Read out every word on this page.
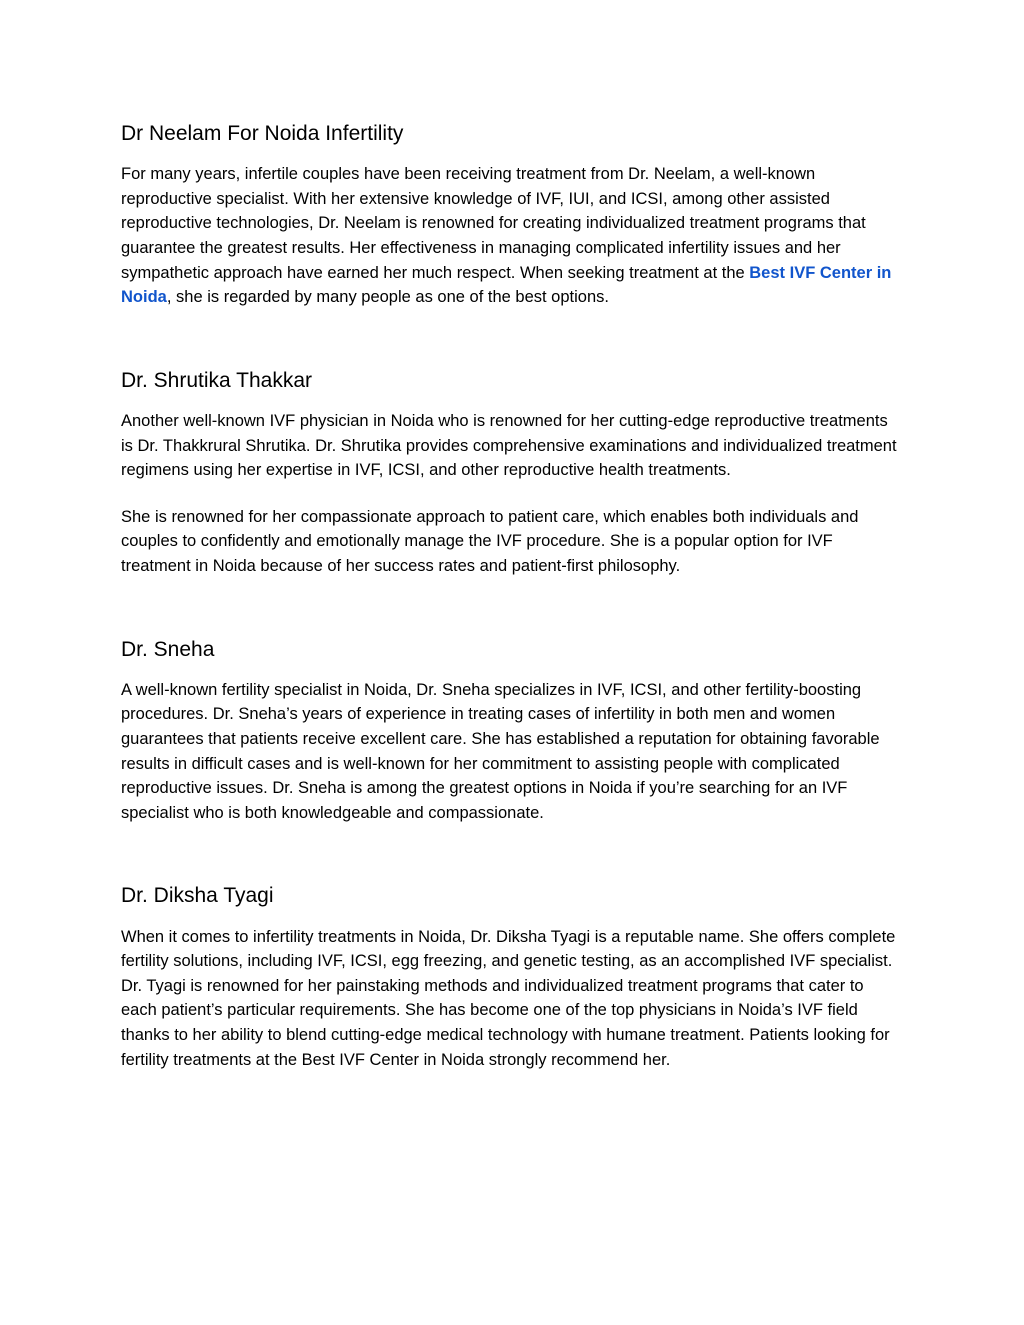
Dr Neelam For Noida Infertility

For many years, infertile couples have been receiving treatment from Dr. Neelam, a well-known reproductive specialist. With her extensive knowledge of IVF, IUI, and ICSI, among other assisted reproductive technologies, Dr. Neelam is renowned for creating individualized treatment programs that guarantee the greatest results. Her effectiveness in managing complicated infertility issues and her sympathetic approach have earned her much respect. When seeking treatment at the Best IVF Center in Noida, she is regarded by many people as one of the best options.

Dr. Shrutika Thakkar

Another well-known IVF physician in Noida who is renowned for her cutting-edge reproductive treatments is Dr. Thakkrural Shrutika. Dr. Shrutika provides comprehensive examinations and individualized treatment regimens using her expertise in IVF, ICSI, and other reproductive health treatments.

She is renowned for her compassionate approach to patient care, which enables both individuals and couples to confidently and emotionally manage the IVF procedure. She is a popular option for IVF treatment in Noida because of her success rates and patient-first philosophy.

Dr. Sneha

A well-known fertility specialist in Noida, Dr. Sneha specializes in IVF, ICSI, and other fertility-boosting procedures. Dr. Sneha’s years of experience in treating cases of infertility in both men and women guarantees that patients receive excellent care. She has established a reputation for obtaining favorable results in difficult cases and is well-known for her commitment to assisting people with complicated reproductive issues. Dr. Sneha is among the greatest options in Noida if you’re searching for an IVF specialist who is both knowledgeable and compassionate.

Dr. Diksha Tyagi

When it comes to infertility treatments in Noida, Dr. Diksha Tyagi is a reputable name. She offers complete fertility solutions, including IVF, ICSI, egg freezing, and genetic testing, as an accomplished IVF specialist. Dr. Tyagi is renowned for her painstaking methods and individualized treatment programs that cater to each patient’s particular requirements. She has become one of the top physicians in Noida’s IVF field thanks to her ability to blend cutting-edge medical technology with humane treatment. Patients looking for fertility treatments at the Best IVF Center in Noida strongly recommend her.
